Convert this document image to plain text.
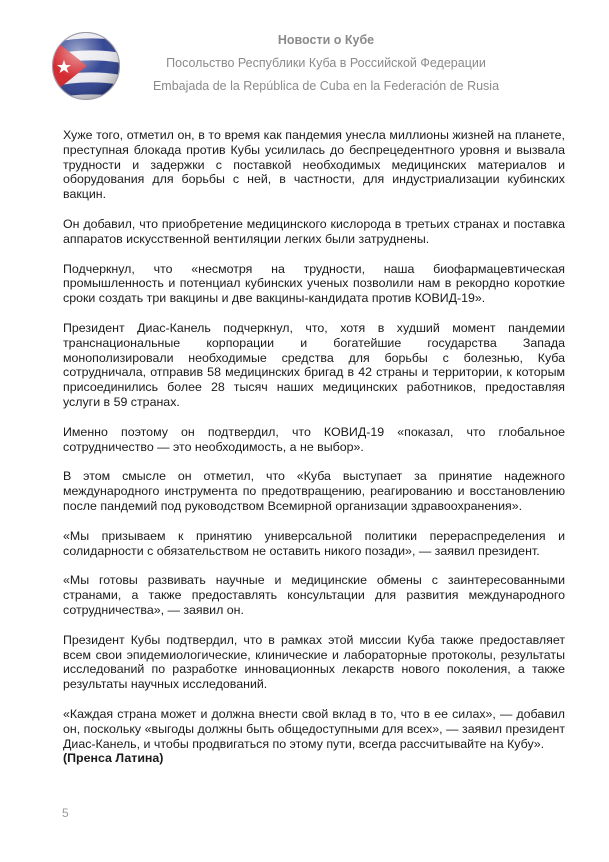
Новости о Кубе

Посольство Республики Куба в Российской Федерации

Embajada de la República de Cuba en la Federación de Rusia

Хуже того, отметил он, в то время как пандемия унесла миллионы жизней на планете, преступная блокада против Кубы усилилась до беспрецедентного уровня и вызвала трудности и задержки с поставкой необходимых медицинских материалов и оборудования для борьбы с ней, в частности, для индустриализации кубинских вакцин.

Он добавил, что приобретение медицинского кислорода в третьих странах и поставка аппаратов искусственной вентиляции легких были затруднены.

Подчеркнул, что «несмотря на трудности, наша биофармацевтическая промышленность и потенциал кубинских ученых позволили нам в рекордно короткие сроки создать три вакцины и две вакцины-кандидата против КОВИД-19».

Президент Диас-Канель подчеркнул, что, хотя в худший момент пандемии транснациональные корпорации и богатейшие государства Запада монополизировали необходимые средства для борьбы с болезнью, Куба сотрудничала, отправив 58 медицинских бригад в 42 страны и территории, к которым присоединились более 28 тысяч наших медицинских работников, предоставляя услуги в 59 странах.

Именно поэтому он подтвердил, что КОВИД-19 «показал, что глобальное сотрудничество — это необходимость, а не выбор».

В этом смысле он отметил, что «Куба выступает за принятие надежного международного инструмента по предотвращению, реагированию и восстановлению после пандемий под руководством Всемирной организации здравоохранения».

«Мы призываем к принятию универсальной политики перераспределения и солидарности с обязательством не оставить никого позади», — заявил президент.

«Мы готовы развивать научные и медицинские обмены с заинтересованными странами, а также предоставлять консультации для развития международного сотрудничества», — заявил он.

Президент Кубы подтвердил, что в рамках этой миссии Куба также предоставляет всем свои эпидемиологические, клинические и лабораторные протоколы, результаты исследований по разработке инновационных лекарств нового поколения, а также результаты научных исследований.

«Каждая страна может и должна внести свой вклад в то, что в ее силах», — добавил он, поскольку «выгоды должны быть общедоступными для всех», — заявил президент Диас-Канель, и чтобы продвигаться по этому пути, всегда рассчитывайте на Кубу».
(Пренса Латина)

5
